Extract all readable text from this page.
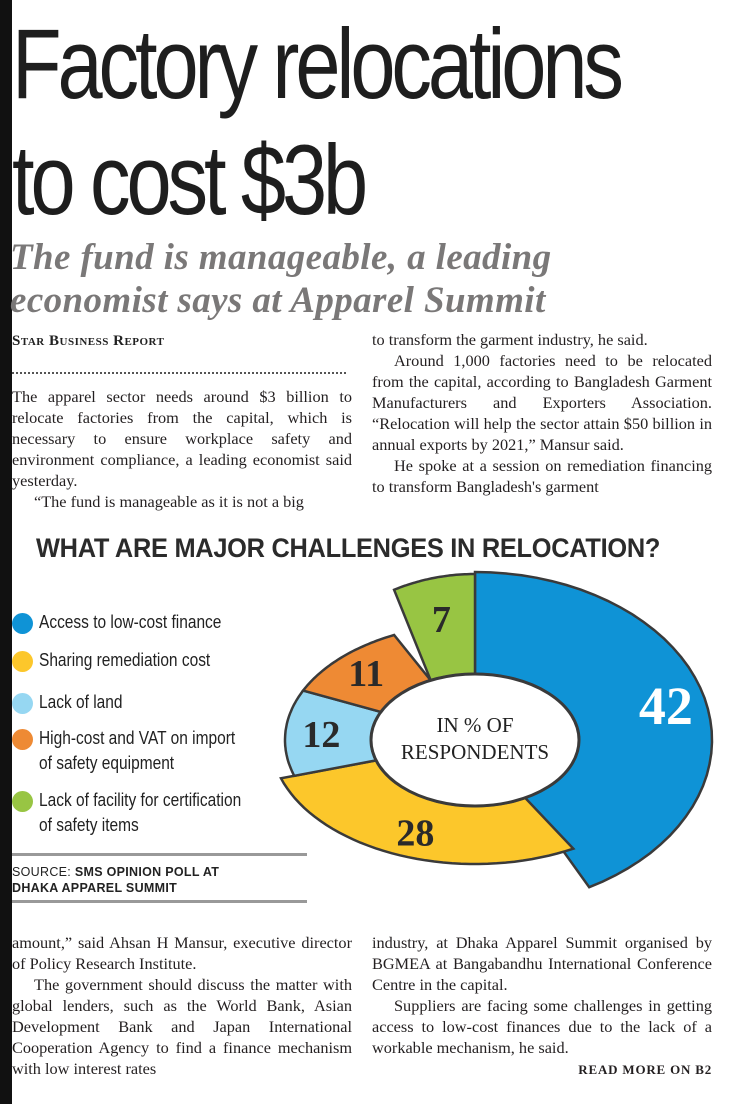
Factory relocations
to cost $3b
The fund is manageable, a leading
economist says at Apparel Summit
Star Business Report

The apparel sector needs around $3 billion to relocate factories from the capital, which is necessary to ensure workplace safety and environment compliance, a leading economist said yesterday.

“The fund is manageable as it is not a big

to transform the garment industry, he said.

Around 1,000 factories need to be relocated from the capital, according to Bangladesh Garment Manufacturers and Exporters Association. “Relocation will help the sector attain $50 billion in annual exports by 2021,” Mansur said.

He spoke at a session on remediation financing to transform Bangladesh's garment

WHAT ARE MAJOR CHALLENGES IN RELOCATION?
Access to low-cost finance
Sharing remediation cost
Lack of land
High-cost and VAT on import of safety equipment
Lack of facility for certification of safety items
SOURCE: SMS OPINION POLL AT
DHAKA APPAREL SUMMIT
42
28
12
11
7
IN % OF
RESPONDENTS

amount,” said Ahsan H Mansur, executive director of Policy Research Institute.

The government should discuss the matter with global lenders, such as the World Bank, Asian Development Bank and Japan International Cooperation Agency to find a finance mechanism with low interest rates

industry, at Dhaka Apparel Summit organised by BGMEA at Bangabandhu International Conference Centre in the capital.

Suppliers are facing some challenges in getting access to low-cost finances due to the lack of a workable mechanism, he said.

READ MORE ON B2
